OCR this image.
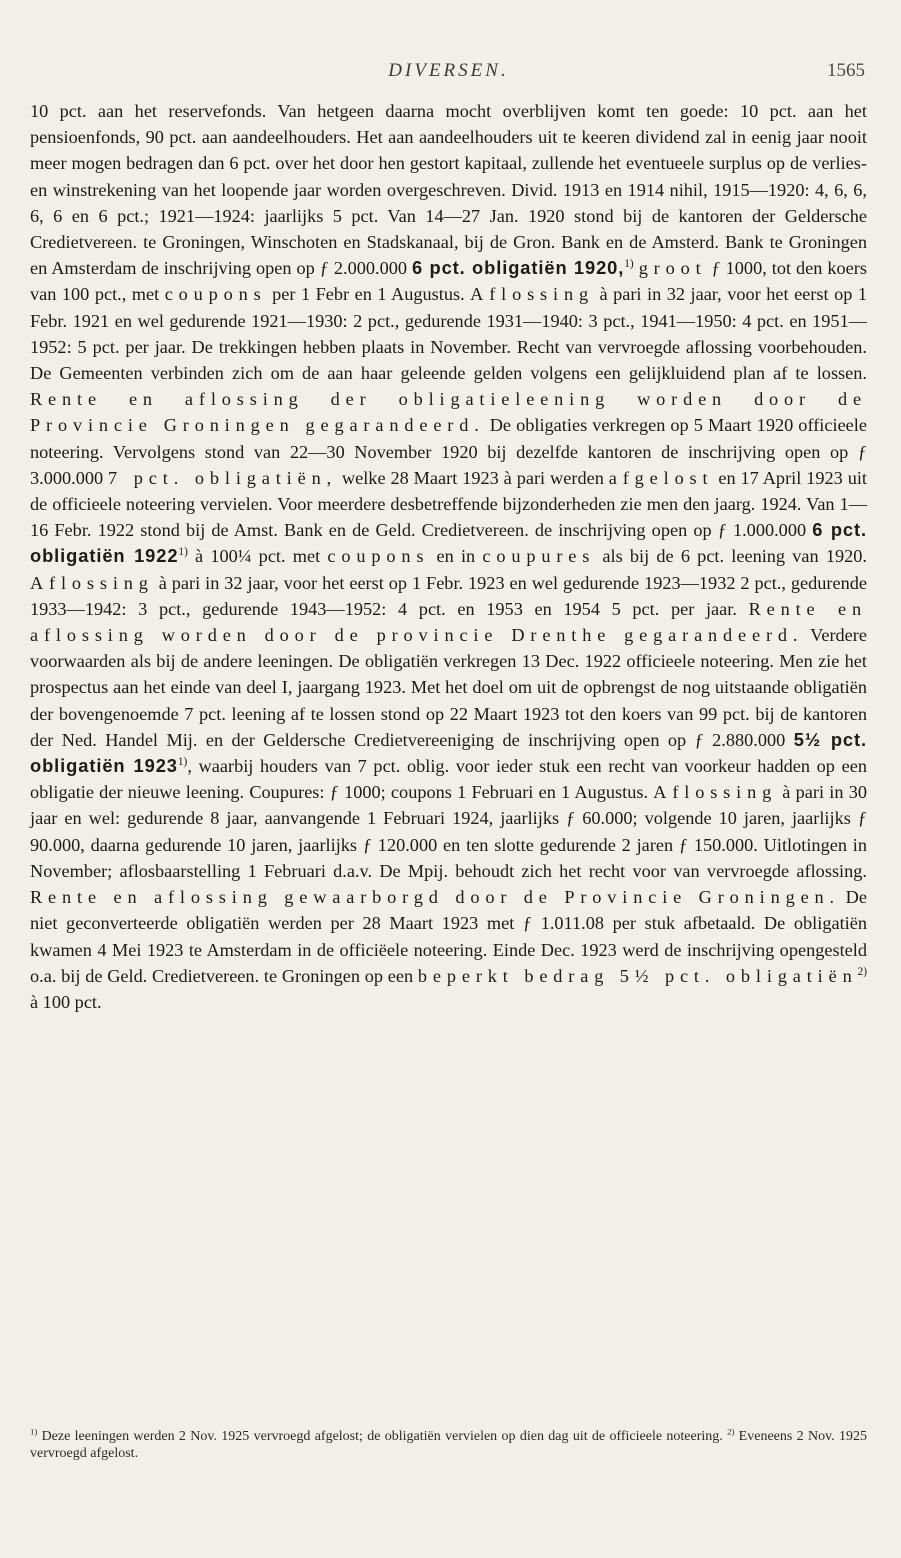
DIVERSEN.	1565

10 pct. aan het reservefonds. Van hetgeen daarna mocht overblijven komt ten goede: 10 pct. aan het pensioenfonds, 90 pct. aan aandeelhouders. Het aan aandeelhouders uit te keeren dividend zal in eenig jaar nooit meer mogen bedragen dan 6 pct. over het door hen gestort kapitaal, zullende het eventueele surplus op de verlies- en winstrekening van het loopende jaar worden overgeschreven. Divid. 1913 en 1914 nihil, 1915—1920: 4, 6, 6, 6, 6 en 6 pct.; 1921—1924: jaarlijks 5 pct. Van 14—27 Jan. 1920 stond bij de kantoren der Geldersche Credietvereen. te Groningen, Winschoten en Stadskanaal, bij de Gron. Bank en de Amsterd. Bank te Groningen en Amsterdam de inschrijving open op ƒ 2.000.000 6 pct. obligatiën 1920,$^{1)}$ groot ƒ 1000, tot den koers van 100 pct., met coupons per 1 Febr en 1 Augustus. Aflossing à pari in 32 jaar, voor het eerst op 1 Febr. 1921 en wel gedurende 1921—1930: 2 pct., gedurende 1931—1940: 3 pct., 1941—1950: 4 pct. en 1951—1952: 5 pct. per jaar. De trekkingen hebben plaats in November. Recht van vervroegde aflossing voorbehouden. De Gemeenten verbinden zich om de aan haar geleende gelden volgens een gelijkluidend plan af te lossen. Rente en aflossing der obligatieleening worden door de Provincie Groningen gegarandeerd. De obligaties verkregen op 5 Maart 1920 officieele noteering. Vervolgens stond van 22—30 November 1920 bij dezelfde kantoren de inschrijving open op ƒ 3.000.000 7 pct. obligatiën, welke 28 Maart 1923 à pari werden afgelost en 17 April 1923 uit de officieele noteering vervielen. Voor meerdere desbetreffende bijzonderheden zie men den jaarg. 1924. Van 1—16 Febr. 1922 stond bij de Amst. Bank en de Geld. Credietvereen. de inschrijving open op ƒ 1.000.000 6 pct. obligatiën 1922$^{1)}$ à 100¼ pct. met coupons en in coupures als bij de 6 pct. leening van 1920. Aflossing à pari in 32 jaar, voor het eerst op 1 Febr. 1923 en wel gedurende 1923—1932 2 pct., gedurende 1933—1942: 3 pct., gedurende 1943—1952: 4 pct. en 1953 en 1954 5 pct. per jaar. Rente en aflossing worden door de provincie Drenthe gegarandeerd. Verdere voorwaarden als bij de andere leeningen. De obligatiën verkregen 13 Dec. 1922 officieele noteering. Men zie het prospectus aan het einde van deel I, jaargang 1923. Met het doel om uit de opbrengst de nog uitstaande obligatiën der bovengenoemde 7 pct. leening af te lossen stond op 22 Maart 1923 tot den koers van 99 pct. bij de kantoren der Ned. Handel Mij. en der Geldersche Credietvereeniging de inschrijving open op ƒ 2.880.000 5½ pct. obligatiën 1923$^{1)}$, waarbij houders van 7 pct. oblig. voor ieder stuk een recht van voorkeur hadden op een obligatie der nieuwe leening. Coupures: ƒ 1000; coupons 1 Februari en 1 Augustus. Aflossing à pari in 30 jaar en wel: gedurende 8 jaar, aanvangende 1 Februari 1924, jaarlijks ƒ 60.000; volgende 10 jaren, jaarlijks ƒ 90.000, daarna gedurende 10 jaren, jaarlijks ƒ 120.000 en ten slotte gedurende 2 jaren ƒ 150.000. Uitlotingen in November; aflosbaarstelling 1 Februari d.a.v. De Mpij. behoudt zich het recht voor van vervroegde aflossing. Rente en aflossing gewaarborgd door de Provincie Groningen. De niet geconverteerde obligatiën werden per 28 Maart 1923 met ƒ 1.011.08 per stuk afbetaald. De obligatiën kwamen 4 Mei 1923 te Amsterdam in de officiëele noteering. Einde Dec. 1923 werd de inschrijving opengesteld o.a. bij de Geld. Credietvereen. te Groningen op een beperkt bedrag 5½ pct. obligatiën$^{2)}$ à 100 pct.

$^{1)}$ Deze leeningen werden 2 Nov. 1925 vervroegd afgelost; de obligatiën vervielen op dien dag uit de officieele noteering. $^{2)}$ Eveneens 2 Nov. 1925 vervroegd afgelost.
